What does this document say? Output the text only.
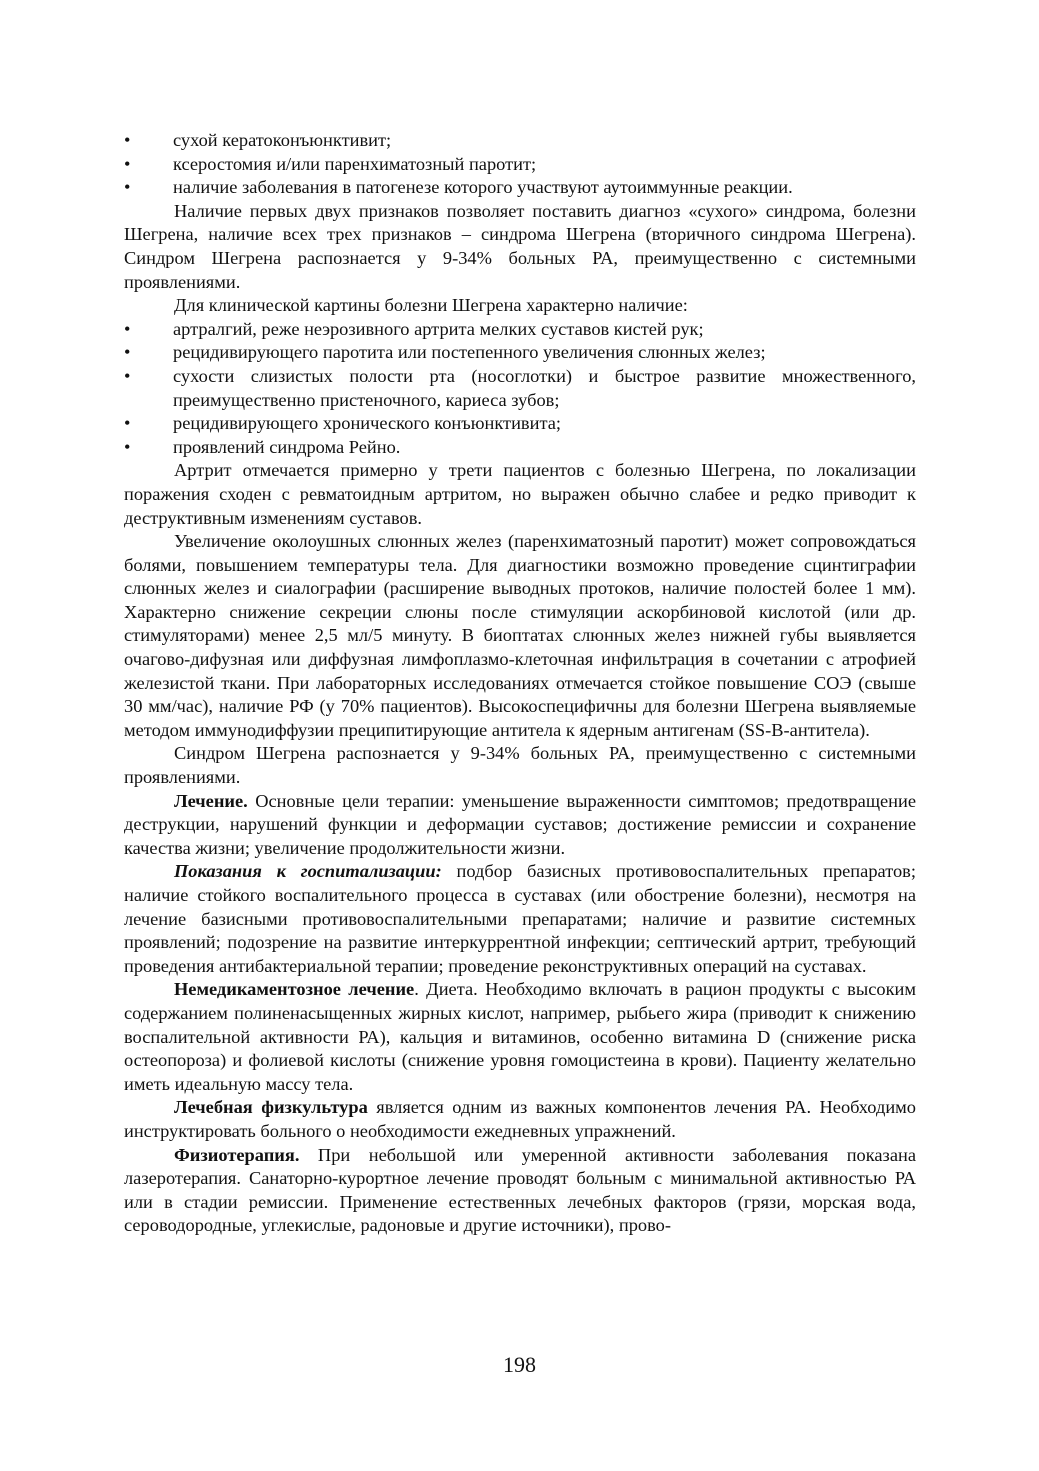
•	сухой кератоконъюнктивит;
•	ксеростомия и/или паренхиматозный паротит;
•	наличие заболевания в патогенезе которого участвуют аутоиммунные реакции.

Наличие первых двух признаков позволяет поставить диагноз «сухого» синдрома, болезни Шегрена, наличие всех трех признаков – синдрома Шегрена (вторичного синдрома Шегрена). Синдром Шегрена распознается у 9-34% больных РА, преимущественно с системными проявлениями.

Для клинической картины болезни Шегрена характерно наличие:

•	артралгий, реже неэрозивного артрита мелких суставов кистей рук;
•	рецидивирующего паротита или постепенного увеличения слюнных желез;
•	сухости слизистых полости рта (носоглотки) и быстрое развитие множественного, преимущественно пристеночного, кариеса зубов;
•	рецидивирующего хронического конъюнктивита;
•	проявлений синдрома Рейно.

Артрит отмечается примерно у трети пациентов с болезнью Шегрена, по локализации поражения сходен с ревматоидным артритом, но выражен обычно слабее и редко приводит к деструктивным изменениям суставов.

Увеличение околоушных слюнных желез (паренхиматозный паротит) может сопровождаться болями, повышением температуры тела. Для диагностики возможно проведение сцинтиграфии слюнных желез и сиалографии (расширение выводных протоков, наличие полостей более 1 мм). Характерно снижение секреции слюны после стимуляции аскорбиновой кислотой (или др. стимуляторами) менее 2,5 мл/5 минуту. В биоптатах слюнных желез нижней губы выявляется очагово-дифузная или диффузная лимфоплазмо-клеточная инфильтрация в сочетании с атрофией железистой ткани. При лабораторных исследованиях отмечается стойкое повышение СОЭ (свыше 30 мм/час), наличие РФ (у 70% пациентов). Высокоспецифичны для болезни Шегрена выявляемые методом иммунодиффузии преципитирующие антитела к ядерным антигенам (SS-B-антитела).

Синдром Шегрена распознается у 9-34% больных РА, преимущественно с системными проявлениями.

Лечение. Основные цели терапии: уменьшение выраженности симптомов; предотвращение деструкции, нарушений функции и деформации суставов; достижение ремиссии и сохранение качества жизни; увеличение продолжительности жизни.

Показания к госпитализации: подбор базисных противовоспалительных препаратов; наличие стойкого воспалительного процесса в суставах (или обострение болезни), несмотря на лечение базисными противовоспалительными препаратами; наличие и развитие системных проявлений; подозрение на развитие интеркуррентной инфекции; септический артрит, требующий проведения антибактериальной терапии; проведение реконструктивных операций на суставах.

Немедикаментозное лечение. Диета. Необходимо включать в рацион продукты с высоким содержанием полиненасыщенных жирных кислот, например, рыбьего жира (приводит к снижению воспалительной активности РА), кальция и витаминов, особенно витамина D (снижение риска остеопороза) и фолиевой кислоты (снижение уровня гомоцистеина в крови). Пациенту желательно иметь идеальную массу тела.

Лечебная физкультура является одним из важных компонентов лечения РА. Необходимо инструктировать больного о необходимости ежедневных упражнений.

Физиотерапия. При небольшой или умеренной активности заболевания показана лазеротерапия. Санаторно-курортное лечение проводят больным с минимальной активностью РА или в стадии ремиссии. Применение естественных лечебных факторов (грязи, морская вода, сероводородные, углекислые, радоновые и другие источники), прово-

198
